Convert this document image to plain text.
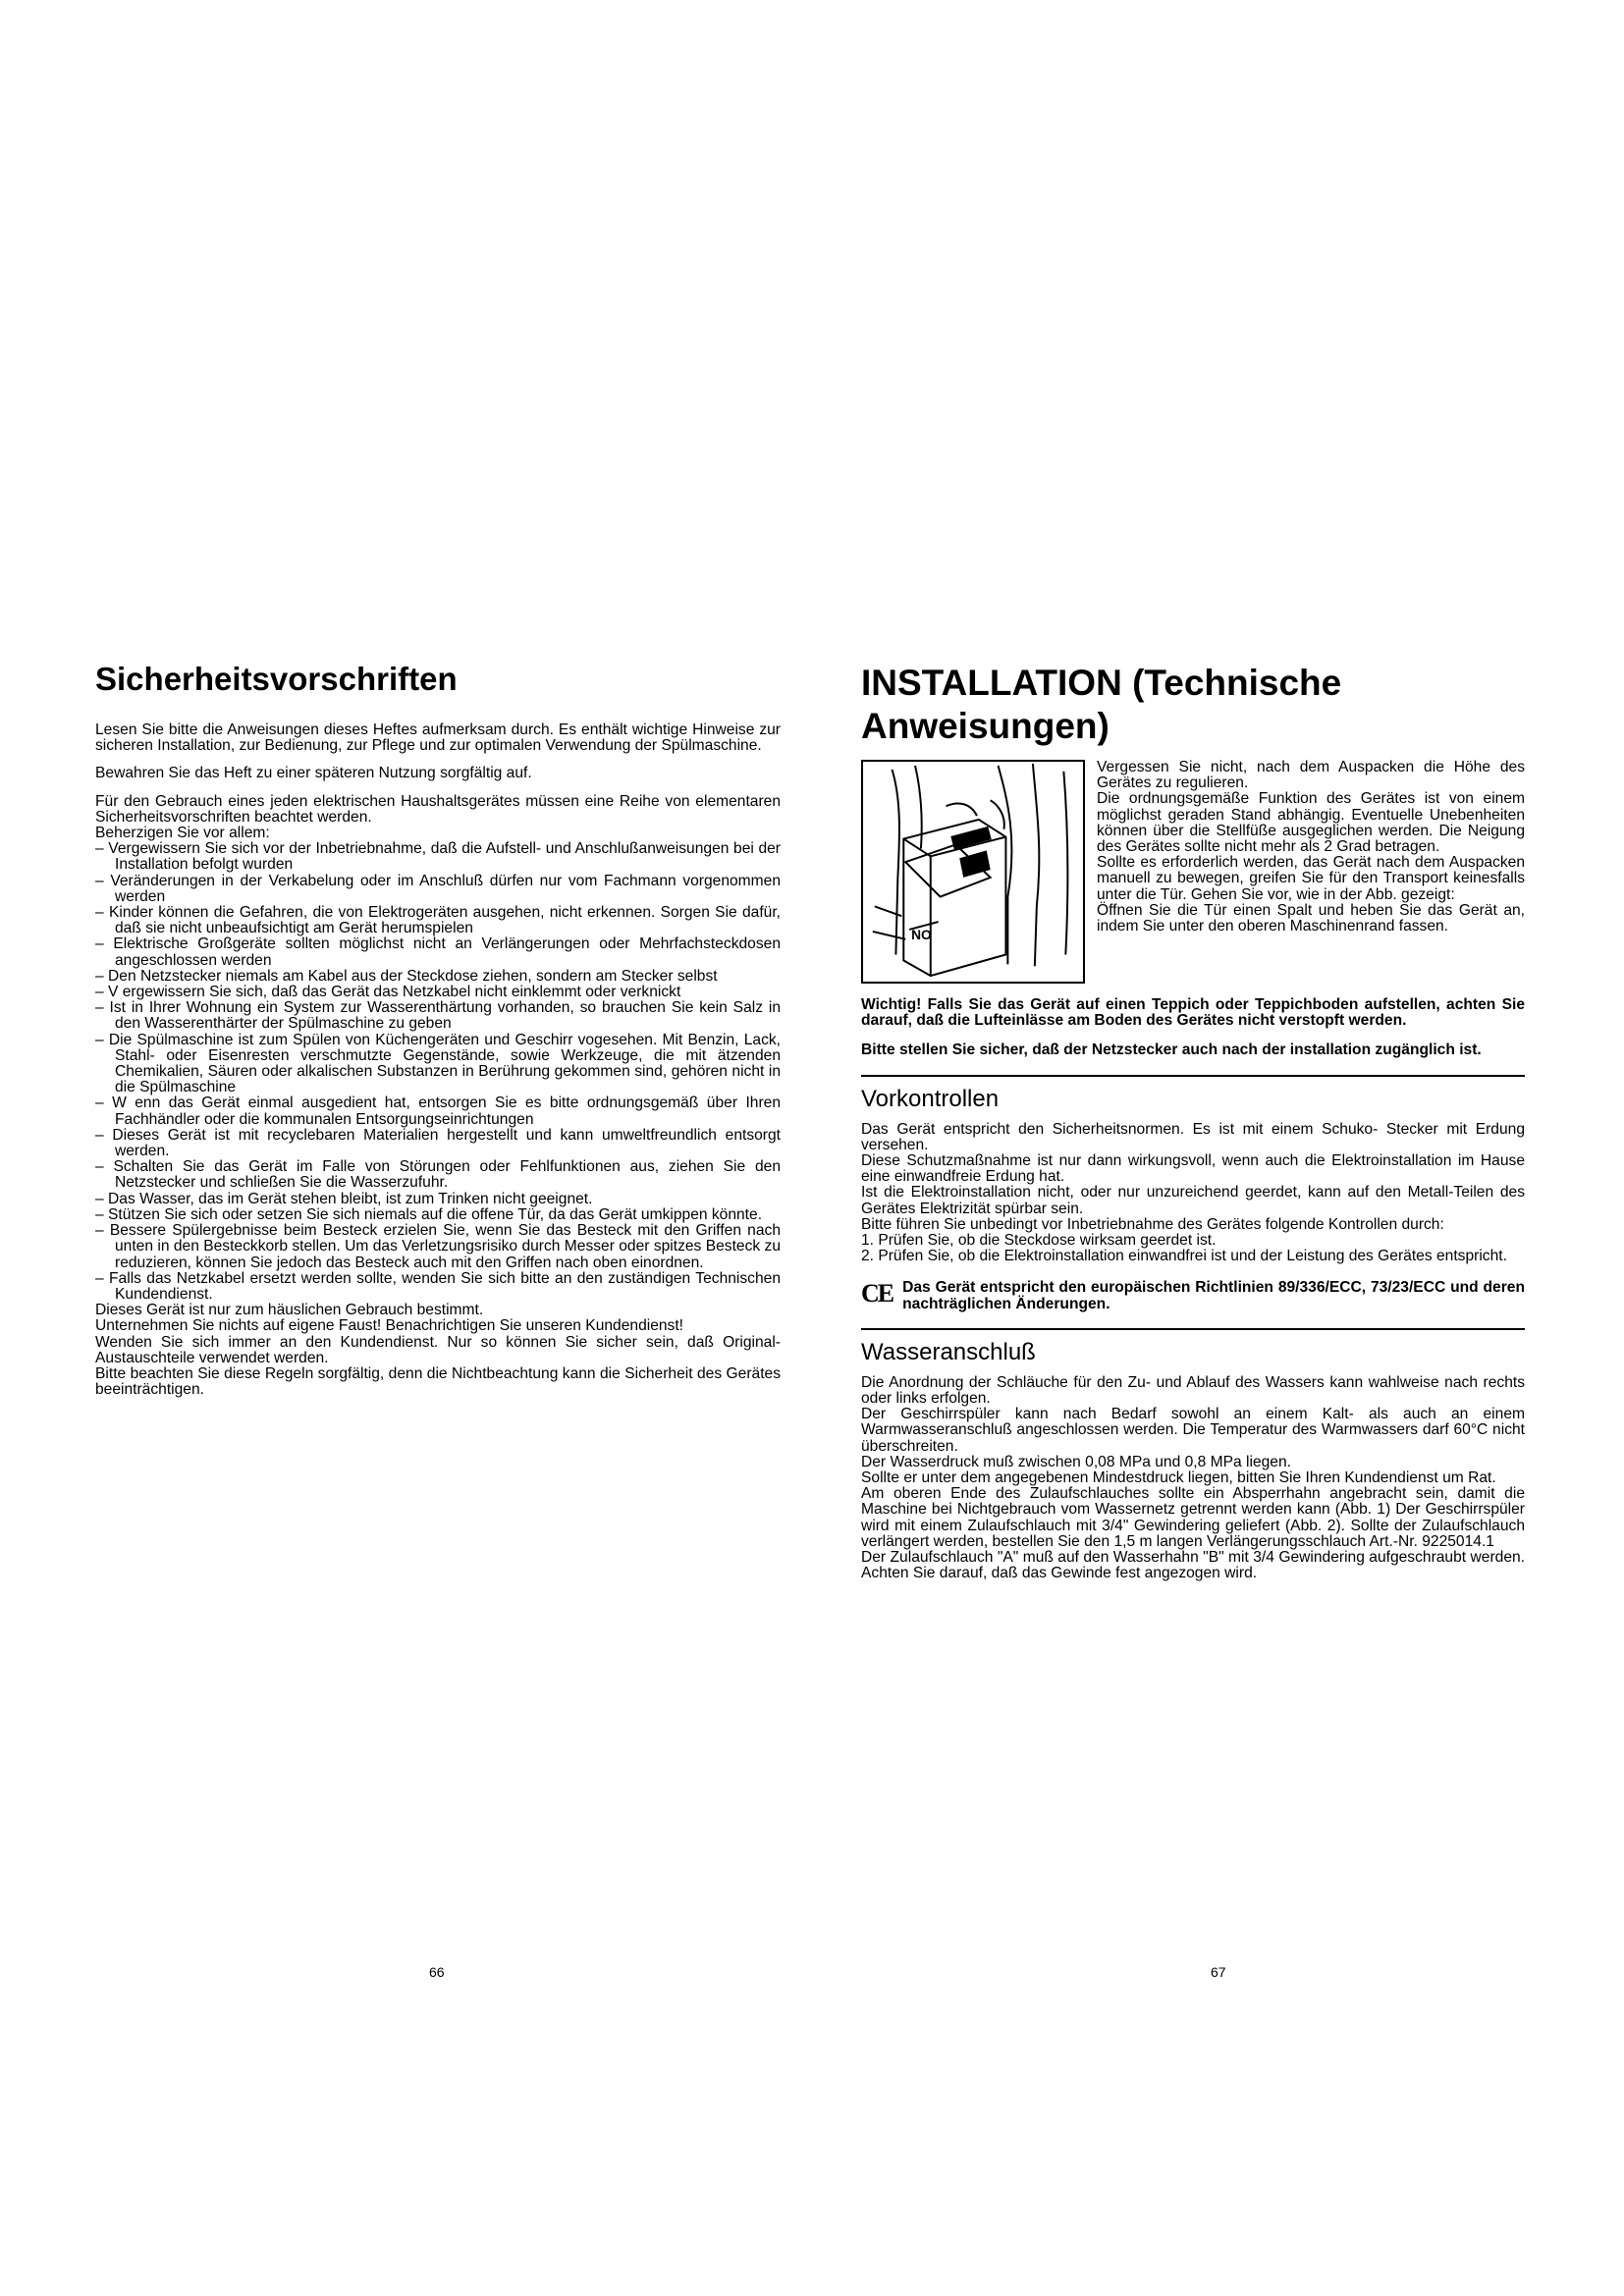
Sicherheitsvorschriften

Lesen Sie bitte die Anweisungen dieses Heftes aufmerksam durch. Es enthält wichtige Hinweise zur sicheren Installation, zur Bedienung, zur Pflege und zur optimalen Verwendung der Spülmaschine.

Bewahren Sie das Heft zu einer späteren Nutzung sorgfältig auf.

Für den Gebrauch eines jeden elektrischen Haushaltsgerätes müssen eine Reihe von elementaren Sicherheitsvorschriften beachtet werden.

Beherzigen Sie vor allem:

– Vergewissern Sie sich vor der Inbetriebnahme, daß die Aufstell- und Anschlußanweisungen bei der Installation befolgt wurden

– Veränderungen in der Verkabelung oder im Anschluß dürfen nur vom Fachmann vorgenommen werden

– Kinder können die Gefahren, die von Elektrogeräten ausgehen, nicht erkennen. Sorgen Sie dafür, daß sie nicht unbeaufsichtigt am Gerät herumspielen

– Elektrische Großgeräte sollten möglichst nicht an Verlängerungen oder Mehrfachsteckdosen angeschlossen werden

– Den Netzstecker niemals am Kabel aus der Steckdose ziehen, sondern am Stecker selbst

– V ergewissern Sie sich, daß das Gerät das Netzkabel nicht einklemmt oder verknickt

– Ist in Ihrer Wohnung ein System zur Wasserenthärtung vorhanden, so brauchen Sie kein Salz in den Wasserenthärter der Spülmaschine zu geben

– Die Spülmaschine ist zum Spülen von Küchengeräten und Geschirr vogesehen. Mit Benzin, Lack, Stahl- oder Eisenresten verschmutzte Gegenstände, sowie Werkzeuge, die mit ätzenden Chemikalien, Säuren oder alkalischen Substanzen in Berührung gekommen sind, gehören nicht in die Spülmaschine

– W enn das Gerät einmal ausgedient hat, entsorgen Sie es bitte ordnungsgemäß über Ihren Fachhändler oder die kommunalen Entsorgungseinrichtungen

– Dieses Gerät ist mit recyclebaren Materialien hergestellt und kann umweltfreundlich entsorgt werden.

– Schalten Sie das Gerät im Falle von Störungen oder Fehlfunktionen aus, ziehen Sie den Netzstecker und schließen Sie die Wasserzufuhr.

– Das Wasser, das im Gerät stehen bleibt, ist zum Trinken nicht geeignet.

– Stützen Sie sich oder setzen Sie sich niemals auf die offene Tür, da das Gerät umkippen könnte.

– Bessere Spülergebnisse beim Besteck erzielen Sie, wenn Sie das Besteck mit den Griffen nach unten in den Besteckkorb stellen. Um das Verletzungsrisiko durch Messer oder spitzes Besteck zu reduzieren, können Sie jedoch das Besteck auch mit den Griffen nach oben einordnen.

– Falls das Netzkabel ersetzt werden sollte, wenden Sie sich bitte an den zuständigen Technischen Kundendienst.

Dieses Gerät ist nur zum häuslichen Gebrauch bestimmt.

Unternehmen Sie nichts auf eigene Faust! Benachrichtigen Sie unseren Kundendienst!

Wenden Sie sich immer an den Kundendienst. Nur so können Sie sicher sein, daß Original-Austauschteile verwendet werden.

Bitte beachten Sie diese Regeln sorgfältig, denn die Nichtbeachtung kann die Sicherheit des Gerätes beeinträchtigen.

66
INSTALLATION (Technische Anweisungen)
NO

Vergessen Sie nicht, nach dem Auspacken die Höhe des Gerätes zu regulieren.

Die ordnungsgemäße Funktion des Gerätes ist von einem möglichst geraden Stand abhängig. Eventuelle Unebenheiten können über die Stellfüße ausgeglichen werden. Die Neigung des Gerätes sollte nicht mehr als 2 Grad betragen.

Sollte es erforderlich werden, das Gerät nach dem Auspacken manuell zu bewegen, greifen Sie für den Transport keinesfalls unter die Tür. Gehen Sie vor, wie in der Abb. gezeigt:

Öffnen Sie die Tür einen Spalt und heben Sie das Gerät an, indem Sie unter den oberen Maschinenrand fassen.

Wichtig! Falls Sie das Gerät auf einen Teppich oder Teppichboden aufstellen, achten Sie darauf, daß die Lufteinlässe am Boden des Gerätes nicht verstopft werden.

Bitte stellen Sie sicher, daß der Netzstecker auch nach der installation zugänglich ist.

Vorkontrollen

Das Gerät entspricht den Sicherheitsnormen. Es ist mit einem Schuko- Stecker mit Erdung versehen.

Diese Schutzmaßnahme ist nur dann wirkungsvoll, wenn auch die Elektroinstallation im Hause eine einwandfreie Erdung hat.

Ist die Elektroinstallation nicht, oder nur unzureichend geerdet, kann auf den Metall-Teilen des Gerätes Elektrizität spürbar sein.

Bitte führen Sie unbedingt vor Inbetriebnahme des Gerätes folgende Kontrollen durch:

1. Prüfen Sie, ob die Steckdose wirksam geerdet ist.

2. Prüfen Sie, ob die Elektroinstallation einwandfrei ist und der Leistung des Gerätes entspricht.

CE Das Gerät entspricht den europäischen Richtlinien 89/336/ECC, 73/23/ECC und deren nachträglichen Änderungen.

Wasseranschluß

Die Anordnung der Schläuche für den Zu- und Ablauf des Wassers kann wahlweise nach rechts oder links erfolgen.

Der Geschirrspüler kann nach Bedarf sowohl an einem Kalt- als auch an einem Warmwasseranschluß angeschlossen werden. Die Temperatur des Warmwassers darf 60°C nicht überschreiten.

Der Wasserdruck muß zwischen 0,08 MPa und 0,8 MPa liegen.

Sollte er unter dem angegebenen Mindestdruck liegen, bitten Sie Ihren Kundendienst um Rat.

Am oberen Ende des Zulaufschlauches sollte ein Absperrhahn angebracht sein, damit die Maschine bei Nichtgebrauch vom Wassernetz getrennt werden kann (Abb. 1) Der Geschirrspüler wird mit einem Zulaufschlauch mit 3/4" Gewindering geliefert (Abb. 2). Sollte der Zulaufschlauch verlängert werden, bestellen Sie den 1,5 m langen Verlängerungsschlauch Art.-Nr. 9225014.1

Der Zulaufschlauch "A" muß auf den Wasserhahn "B" mit 3/4 Gewindering aufgeschraubt werden. Achten Sie darauf, daß das Gewinde fest angezogen wird.

67
